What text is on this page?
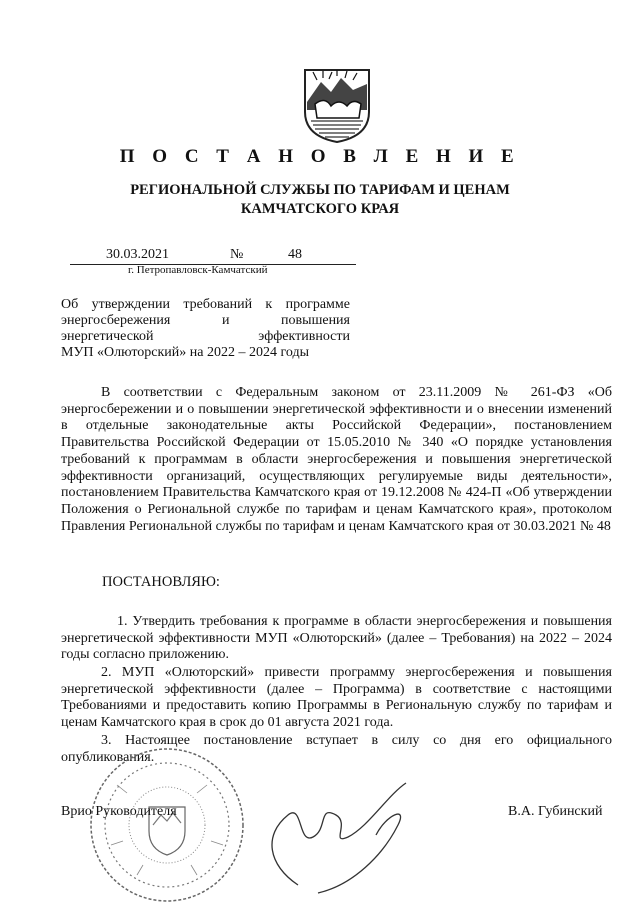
П О С Т А Н О В Л Е Н И Е
РЕГИОНАЛЬНОЙ СЛУЖБЫ ПО ТАРИФАМ И ЦЕНАМ
КАМЧАТСКОГО КРАЯ
30.03.2021	№	48
г. Петропавловск-Камчатский
Об утверждении требований к программе
энергосбережения и повышения
энергетической эффективности
МУП «Олюторский» на 2022 – 2024 годы
В соответствии с Федеральным законом от 23.11.2009 № 261-ФЗ «Об энергосбережении и о повышении энергетической эффективности и о внесении изменений в отдельные законодательные акты Российской Федерации», постановлением Правительства Российской Федерации от 15.05.2010 № 340 «О порядке установления требований к программам в области энергосбережения и повышения энергетической эффективности организаций, осуществляющих регулируемые виды деятельности», постановлением Правительства Камчатского края от 19.12.2008 № 424-П «Об утверждении Положения о Региональной службе по тарифам и ценам Камчатского края», протоколом Правления Региональной службы по тарифам и ценам Камчатского края от 30.03.2021 № 48
ПОСТАНОВЛЯЮ:
1. Утвердить требования к программе в области энергосбережения и повышения энергетической эффективности МУП «Олюторский» (далее – Требования) на 2022 – 2024 годы согласно приложению.
2. МУП «Олюторский» привести программу энергосбережения и повышения энергетической эффективности (далее – Программа) в соответствие с настоящими Требованиями и предоставить копию Программы в Региональную службу по тарифам и ценам Камчатского края в срок до 01 августа 2021 года.
3. Настоящее постановление вступает в силу со дня его официального опубликования.
Врио Руководителя	В.А. Губинский
